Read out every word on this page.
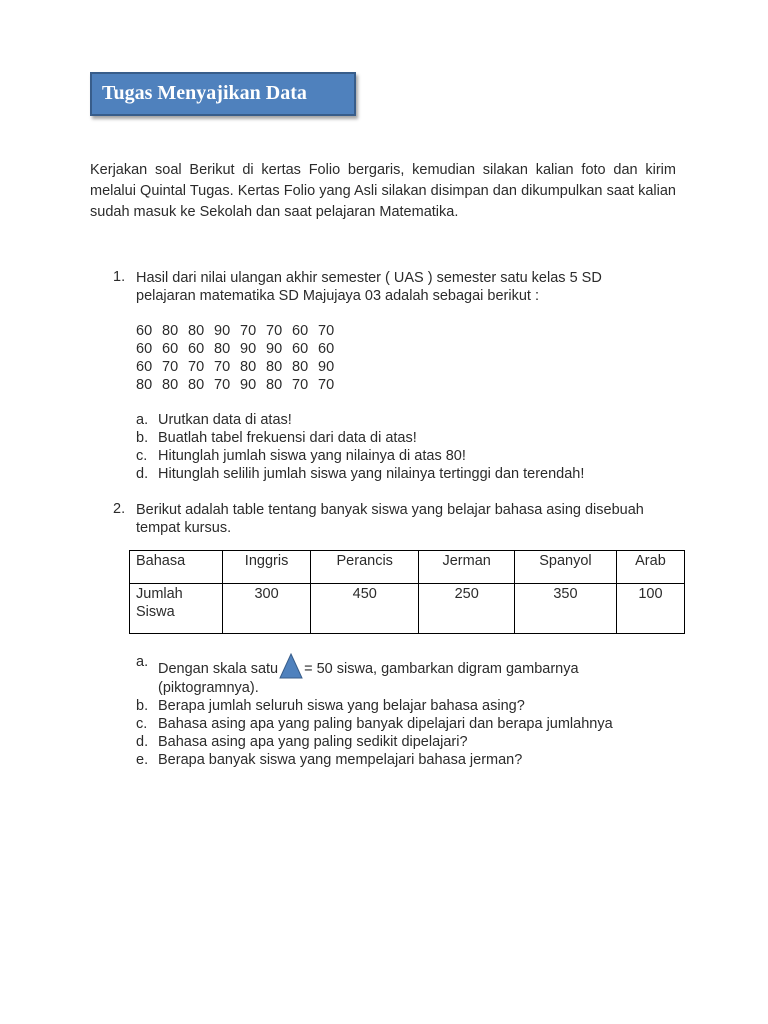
Tugas Menyajikan Data

Kerjakan soal Berikut di kertas Folio bergaris, kemudian silakan kalian foto dan kirim melalui Quintal Tugas. Kertas Folio yang Asli silakan disimpan dan dikumpulkan saat kalian sudah masuk ke Sekolah dan saat pelajaran Matematika.

1. Hasil dari nilai ulangan akhir semester ( UAS ) semester satu kelas 5 SD pelajaran matematika SD Majujaya 03 adalah sebagai berikut :
60 80 80 90 70 70 60 70
60 60 60 80 90 90 60 60
60 70 70 70 80 80 80 90
80 80 80 70 90 80 70 70
a. Urutkan data di atas!
b. Buatlah tabel frekuensi dari data di atas!
c. Hitunglah jumlah siswa yang nilainya di atas 80!
d. Hitunglah selilih jumlah siswa yang nilainya tertinggi dan terendah!
2. Berikut adalah table tentang banyak siswa yang belajar bahasa asing disebuah tempat kursus.
Bahasa	Inggris	Perancis	Jerman	Spanyol	Arab
Jumlah Siswa	300	450	250	350	100
a. Dengan skala satu = 50 siswa, gambarkan digram gambarnya (piktogramnya).
b. Berapa jumlah seluruh siswa yang belajar bahasa asing?
c. Bahasa asing apa yang paling banyak dipelajari dan berapa jumlahnya
d. Bahasa asing apa yang paling sedikit dipelajari?
e. Berapa banyak siswa yang mempelajari bahasa jerman?
